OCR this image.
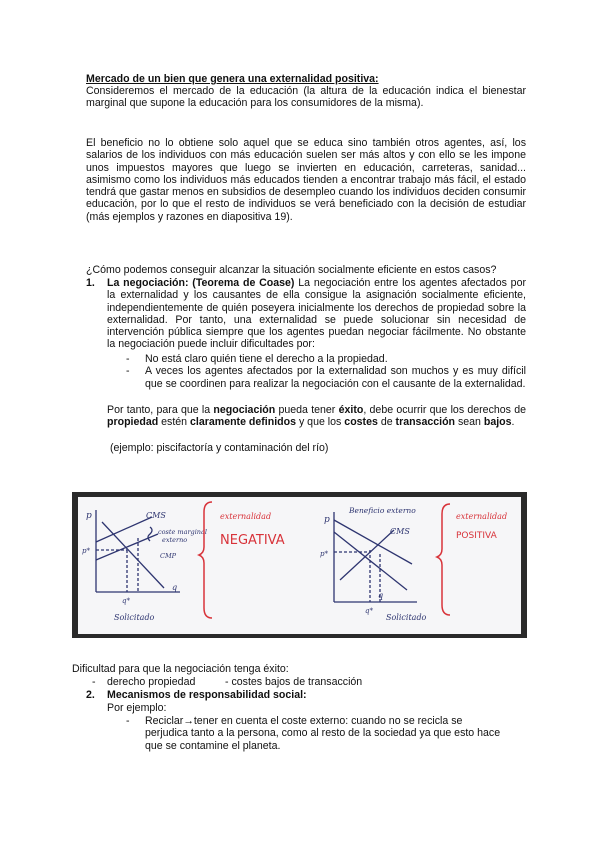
Mercado de un bien que genera una externalidad positiva:

Consideremos el mercado de la educación (la altura de la educación indica el bienestar marginal que supone la educación para los consumidores de la misma).

El beneficio no lo obtiene solo aquel que se educa sino también otros agentes, así, los salarios de los individuos con más educación suelen ser más altos y con ello se les impone unos impuestos mayores que luego se invierten en educación, carreteras, sanidad... asimismo como los individuos más educados tienden a encontrar trabajo más fácil, el estado tendrá que gastar menos en subsidios de desempleo cuando los individuos deciden consumir educación, por lo que el resto de individuos se verá beneficiado con la decisión de estudiar (más ejemplos y razones en diapositiva 19).

¿Cómo podemos conseguir alcanzar la situación socialmente eficiente en estos casos?

1. La negociación: (Teorema de Coase) La negociación entre los agentes afectados por la externalidad y los causantes de ella consigue la asignación socialmente eficiente, independientemente de quién poseyera inicialmente los derechos de propiedad sobre la externalidad. Por tanto, una externalidad se puede solucionar sin necesidad de intervención pública siempre que los agentes puedan negociar fácilmente. No obstante la negociación puede incluir dificultades por:

- No está claro quién tiene el derecho a la propiedad.
- A veces los agentes afectados por la externalidad son muchos y es muy difícil que se coordinen para realizar la negociación con el causante de la externalidad.

Por tanto, para que la negociación pueda tener éxito, debe ocurrir que los derechos de propiedad estén claramente definidos y que los costes de transacción sean bajos.

(ejemplo: piscifactoría y contaminación del río)

p	CMS
coste marginal
externo
CMP
p*
q*
q
Solicitado
externalidad
NEGATIVA
p
Beneficio externo
CMS
p*
q*
q
Solicitado
externalidad
POSITIVA

Dificultad para que la negociación tenga éxito:

- derecho propiedad	- costes bajos de transacción
2. Mecanismos de responsabilidad social:

Por ejemplo:

- Reciclar→tener en cuenta el coste externo: cuando no se recicla se perjudica tanto a la persona, como al resto de la sociedad ya que esto hace que se contamine el planeta.
